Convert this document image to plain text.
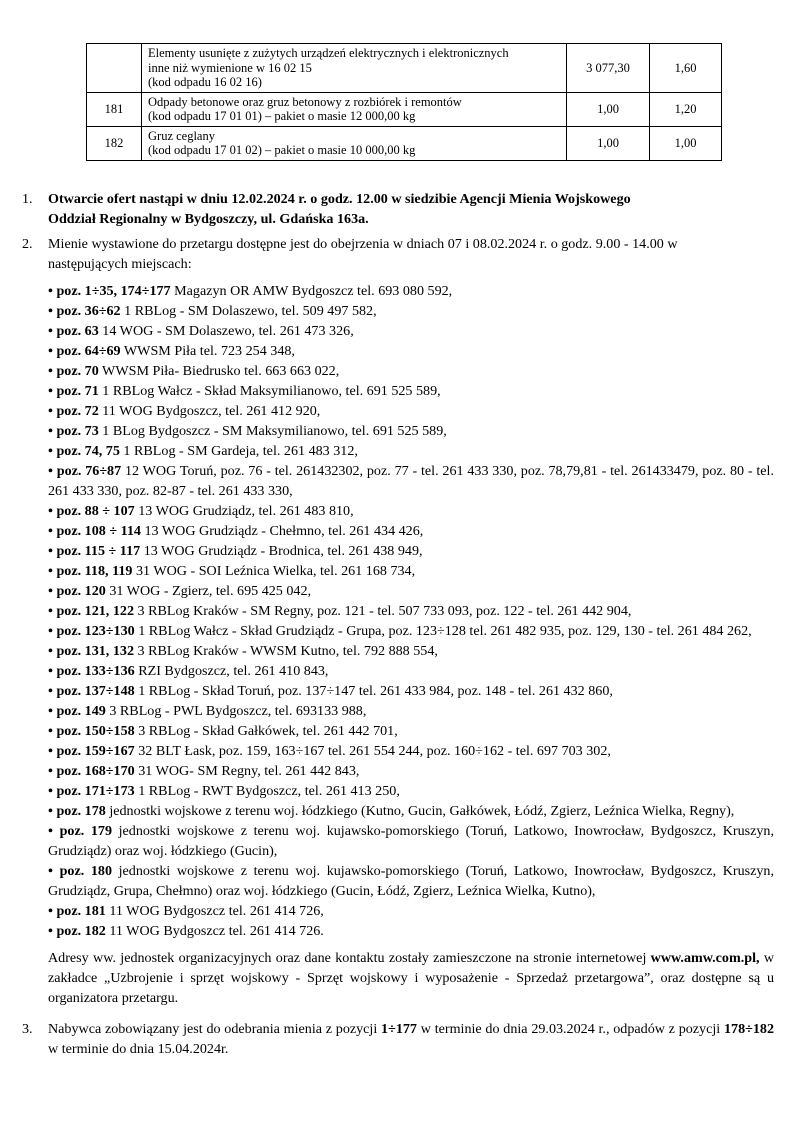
	Elementy usunięte z zużytych urządzeń elektrycznych i elektronicznych
inne niż wymienione w 16 02 15
(kod odpadu 16 02 16)	3 077,30	1,60
181	Odpady betonowe oraz gruz betonowy z rozbiórek i remontów
(kod odpadu 17 01 01) – pakiet o masie 12 000,00 kg	1,00	1,20
182	Gruz ceglany
(kod odpadu 17 01 02) – pakiet o masie 10 000,00 kg	1,00	1,00
1. Otwarcie ofert nastąpi w dniu 12.02.2024 r. o godz. 12.00 w siedzibie Agencji Mienia Wojskowego
Oddział Regionalny w Bydgoszczy, ul. Gdańska 163a.
2. Mienie wystawione do przetargu dostępne jest do obejrzenia w dniach 07 i 08.02.2024 r. o godz. 9.00 - 14.00 w
następujących miejscach:
• poz. 1÷35, 174÷177 Magazyn OR AMW Bydgoszcz tel. 693 080 592,
• poz. 36÷62 1 RBLog - SM Dolaszewo, tel. 509 497 582,
• poz. 63 14 WOG - SM Dolaszewo, tel. 261 473 326,
• poz. 64÷69 WWSM Piła tel. 723 254 348,
• poz. 70 WWSM Piła- Biedrusko tel. 663 663 022,
• poz. 71 1 RBLog Wałcz - Skład Maksymilianowo, tel. 691 525 589,
• poz. 72 11 WOG Bydgoszcz, tel. 261 412 920,
• poz. 73 1 BLog Bydgoszcz - SM Maksymilianowo, tel. 691 525 589,
• poz. 74, 75 1 RBLog - SM Gardeja, tel. 261 483 312,
• poz. 76÷87 12 WOG Toruń, poz. 76 - tel. 261432302, poz. 77 - tel. 261 433 330, poz. 78,79,81 - tel. 261433479, poz. 80 - tel. 261 433 330, poz. 82-87 - tel. 261 433 330,
• poz. 88 ÷ 107 13 WOG Grudziądz, tel. 261 483 810,
• poz. 108 ÷ 114 13 WOG Grudziądz - Chełmno, tel. 261 434 426,
• poz. 115 ÷ 117 13 WOG Grudziądz - Brodnica, tel. 261 438 949,
• poz. 118, 119 31 WOG - SOI Leźnica Wielka, tel. 261 168 734,
• poz. 120 31 WOG - Zgierz, tel. 695 425 042,
• poz. 121, 122 3 RBLog Kraków - SM Regny, poz. 121 - tel. 507 733 093, poz. 122 - tel. 261 442 904,
• poz. 123÷130 1 RBLog Wałcz - Skład Grudziądz - Grupa, poz. 123÷128 tel. 261 482 935, poz. 129, 130 - tel. 261 484 262,
• poz. 131, 132 3 RBLog Kraków - WWSM Kutno, tel. 792 888 554,
• poz. 133÷136 RZI Bydgoszcz, tel. 261 410 843,
• poz. 137÷148 1 RBLog - Skład Toruń, poz. 137÷147 tel. 261 433 984, poz. 148 - tel. 261 432 860,
• poz. 149 3 RBLog - PWL Bydgoszcz, tel. 693133 988,
• poz. 150÷158 3 RBLog - Skład Gałkówek, tel. 261 442 701,
• poz. 159÷167 32 BLT Łask, poz. 159, 163÷167 tel. 261 554 244, poz. 160÷162 - tel. 697 703 302,
• poz. 168÷170 31 WOG- SM Regny, tel. 261 442 843,
• poz. 171÷173 1 RBLog - RWT Bydgoszcz, tel. 261 413 250,
• poz. 178 jednostki wojskowe z terenu woj. łódzkiego (Kutno, Gucin, Gałkówek, Łódź, Zgierz, Leźnica Wielka, Regny),
• poz. 179 jednostki wojskowe z terenu woj. kujawsko-pomorskiego (Toruń, Latkowo, Inowrocław, Bydgoszcz, Kruszyn, Grudziądz) oraz woj. łódzkiego (Gucin),
• poz. 180 jednostki wojskowe z terenu woj. kujawsko-pomorskiego (Toruń, Latkowo, Inowrocław, Bydgoszcz, Kruszyn, Grudziądz, Grupa, Chełmno) oraz woj. łódzkiego (Gucin, Łódź, Zgierz, Leźnica Wielka, Kutno),
• poz. 181 11 WOG Bydgoszcz tel. 261 414 726,
• poz. 182 11 WOG Bydgoszcz tel. 261 414 726.
Adresy ww. jednostek organizacyjnych oraz dane kontaktu zostały zamieszczone na stronie internetowej www.amw.com.pl, w zakładce „Uzbrojenie i sprzęt wojskowy - Sprzęt wojskowy i wyposażenie - Sprzedaż przetargowa”, oraz dostępne są u organizatora przetargu.
3. Nabywca zobowiązany jest do odebrania mienia z pozycji 1÷177 w terminie do dnia 29.03.2024 r., odpadów z pozycji 178÷182 w terminie do dnia 15.04.2024r.
